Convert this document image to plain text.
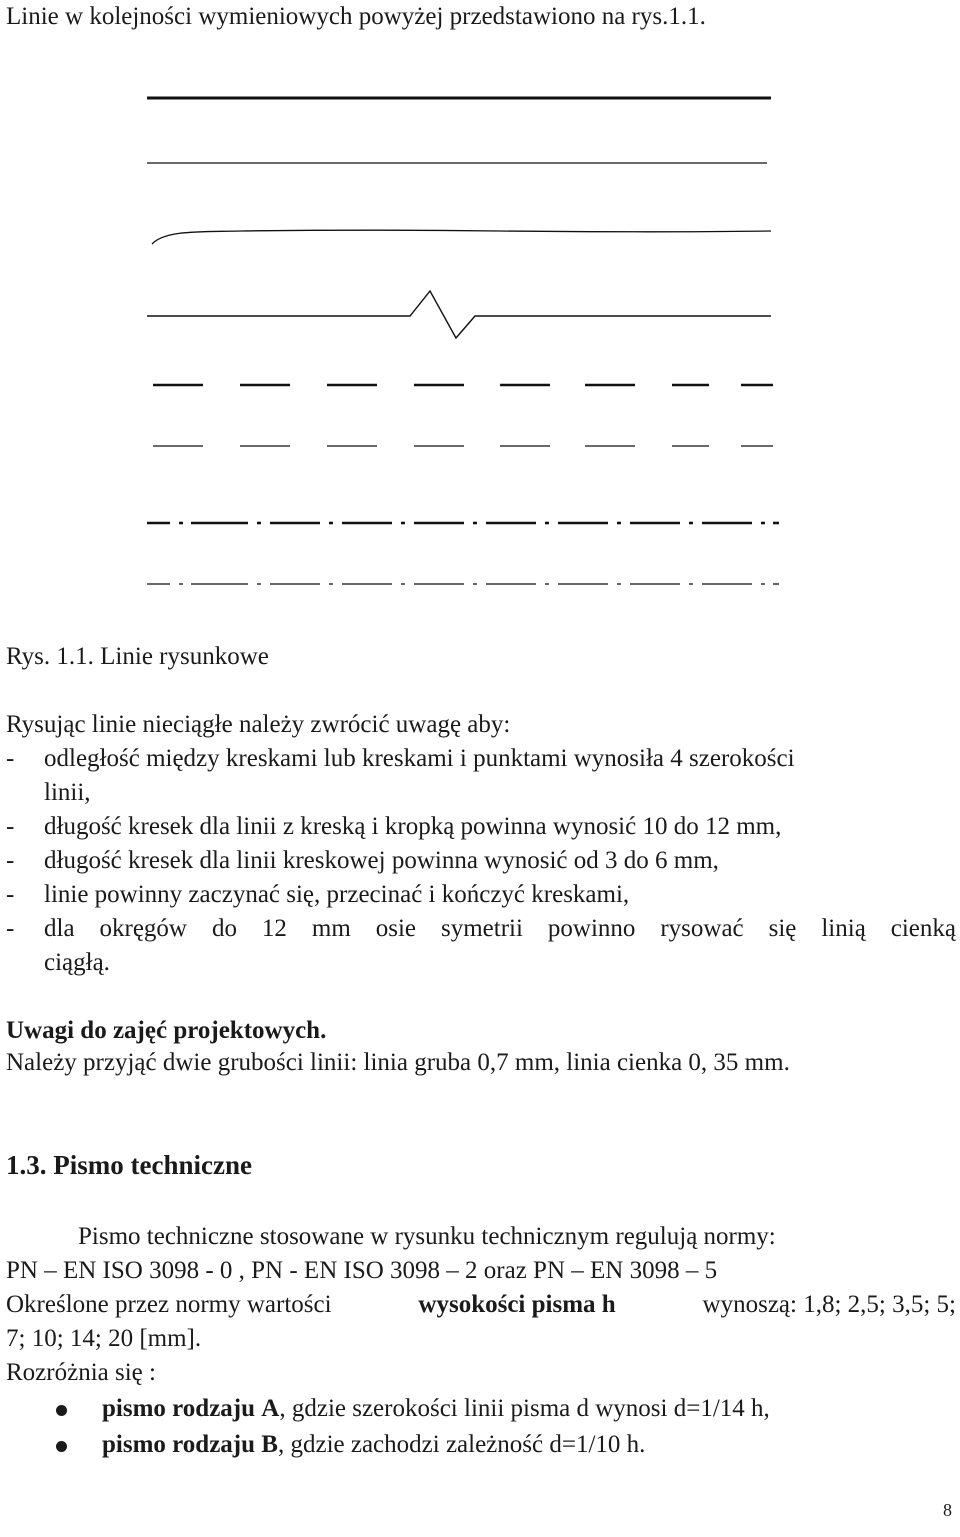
Linie w kolejności wymieniowych powyżej przedstawiono na rys.1.1.
Rys. 1.1. Linie rysunkowe
Rysując linie nieciągłe należy zwrócić uwagę aby:
- odległość między kreskami lub kreskami i punktami wynosiła 4 szerokości
linii,
- długość kresek dla linii z kreską i kropką powinna wynosić 10 do 12 mm,
- długość kresek dla linii kreskowej powinna wynosić od 3 do 6 mm,
- linie powinny zaczynać się, przecinać i kończyć kreskami,
-	dla okręgów do 12 mm osie symetrii powinno rysować się linią cienką
ciągłą.
Uwagi do zajęć projektowych.
Należy przyjąć dwie grubości linii: linia gruba 0,7 mm, linia cienka 0, 35 mm.
1.3. Pismo techniczne
Pismo techniczne stosowane w rysunku technicznym regulują normy:
PN – EN ISO 3098 - 0 , PN - EN ISO 3098 – 2 oraz PN – EN 3098 – 5
Określone przez normy wartości	wysokości pisma h	wynoszą: 1,8; 2,5; 3,5; 5;
7; 10; 14; 20 [mm].
Rozróżnia się :
pismo rodzaju A, gdzie szerokości linii pisma d wynosi d=1/14 h,
pismo rodzaju B, gdzie zachodzi zależność d=1/10 h.
8
